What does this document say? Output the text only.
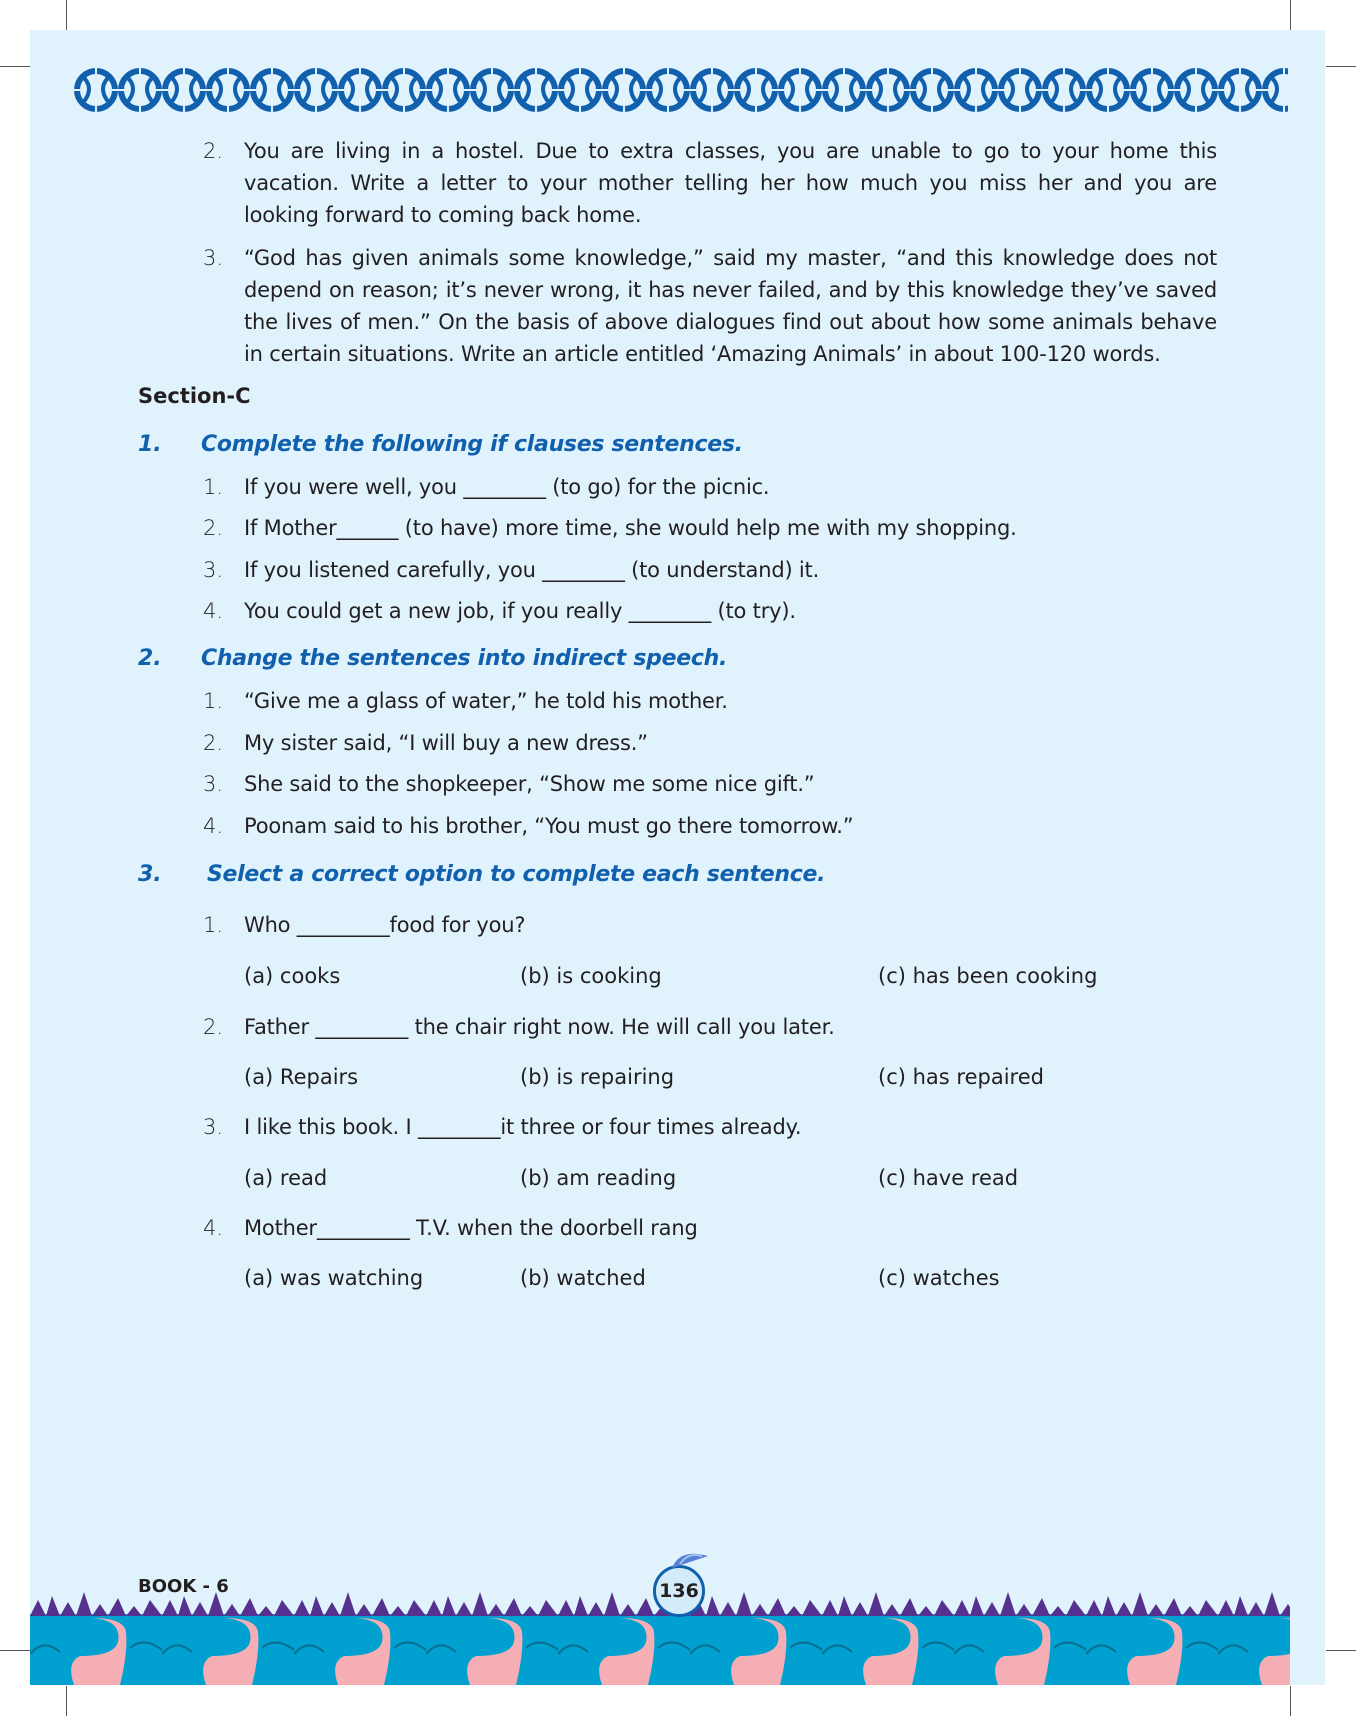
2. You are living in a hostel. Due to extra classes, you are unable to go to your home this vacation. Write a letter to your mother telling her how much you miss her and you are looking forward to coming back home.
3. “God has given animals some knowledge,” said my master, “and this knowledge does not depend on reason; it’s never wrong, it has never failed, and by this knowledge they’ve saved the lives of men.” On the basis of above dialogues find out about how some animals behave in certain situations. Write an article entitled ‘Amazing Animals’ in about 100-120 words.
Section-C
1. Complete the following if clauses sentences.
1. If you were well, you ________ (to go) for the picnic.
2. If Mother______ (to have) more time, she would help me with my shopping.
3. If you listened carefully, you ________ (to understand) it.
4. You could get a new job, if you really ________ (to try).
2. Change the sentences into indirect speech.
1. “Give me a glass of water,” he told his mother.
2. My sister said, “I will buy a new dress.”
3. She said to the shopkeeper, “Show me some nice gift.”
4. Poonam said to his brother, “You must go there tomorrow.”
3. Select a correct option to complete each sentence.
1. Who _________food for you?
(a) cooks	(b) is cooking	(c) has been cooking
2. Father _________ the chair right now. He will call you later.
(a) Repairs	(b) is repairing	(c) has repaired
3. I like this book. I ________it three or four times already.
(a) read	(b) am reading	(c) have read
4. Mother_________ T.V. when the doorbell rang
(a) was watching	(b) watched	(c) watches
BOOK - 6	136
